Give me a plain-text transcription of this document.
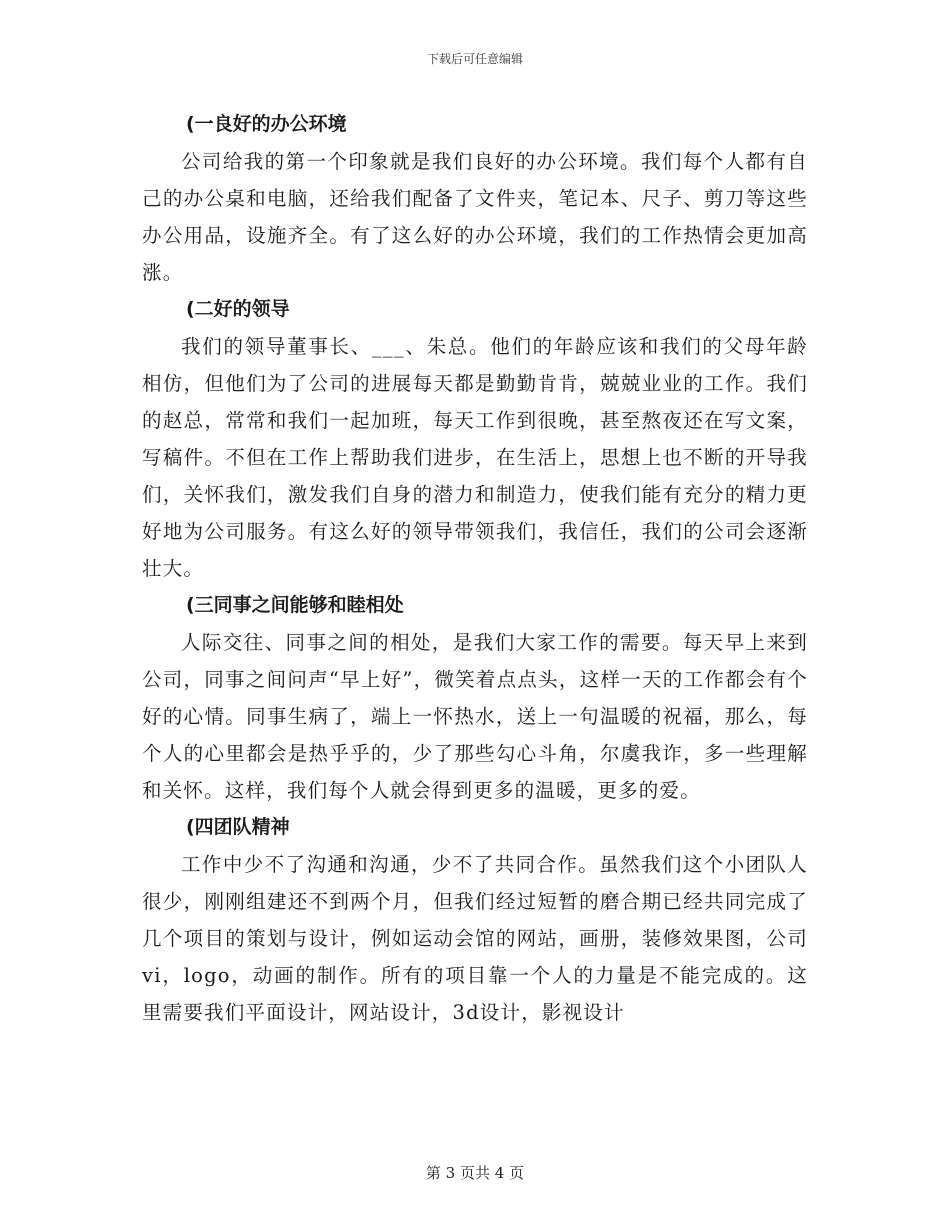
下载后可任意编辑

(一良好的办公环境

公司给我的第一个印象就是我们良好的办公环境。我们每个人都有自己的办公桌和电脑，还给我们配备了文件夹，笔记本、尺子、剪刀等这些办公用品，设施齐全。有了这么好的办公环境，我们的工作热情会更加高涨。

(二好的领导

我们的领导董事长、___、朱总。他们的年龄应该和我们的父母年龄相仿，但他们为了公司的进展每天都是勤勤肯肯，兢兢业业的工作。我们的赵总，常常和我们一起加班，每天工作到很晚，甚至熬夜还在写文案，写稿件。不但在工作上帮助我们进步，在生活上，思想上也不断的开导我们，关怀我们，激发我们自身的潜力和制造力，使我们能有充分的精力更好地为公司服务。有这么好的领导带领我们，我信任，我们的公司会逐渐壮大。

(三同事之间能够和睦相处

人际交往、同事之间的相处，是我们大家工作的需要。每天早上来到公司，同事之间问声“早上好”，微笑着点点头，这样一天的工作都会有个好的心情。同事生病了，端上一怀热水，送上一句温暖的祝福，那么，每个人的心里都会是热乎乎的，少了那些勾心斗角，尔虞我诈，多一些理解和关怀。这样，我们每个人就会得到更多的温暖，更多的爱。

(四团队精神

工作中少不了沟通和沟通，少不了共同合作。虽然我们这个小团队人很少，刚刚组建还不到两个月，但我们经过短暂的磨合期已经共同完成了几个项目的策划与设计，例如运动会馆的网站，画册，装修效果图，公司vi，logo，动画的制作。所有的项目靠一个人的力量是不能完成的。这里需要我们平面设计，网站设计，3d设计，影视设计

第 3 页共 4 页
